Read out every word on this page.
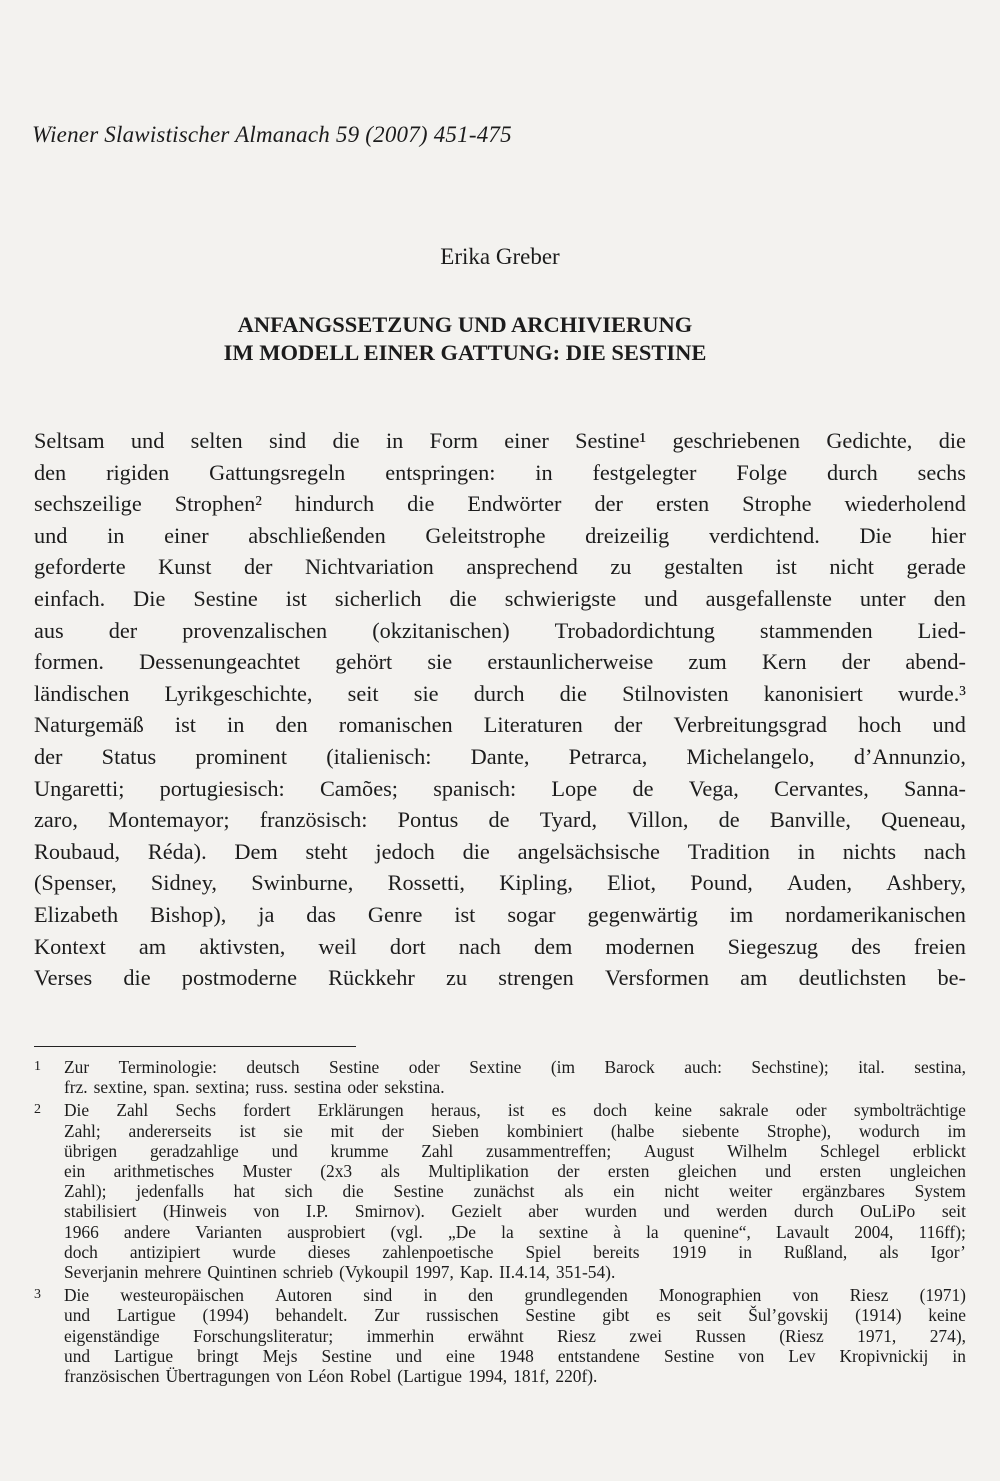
Wiener Slawistischer Almanach 59 (2007) 451-475
Erika Greber
ANFANGSSETZUNG UND ARCHIVIERUNG
IM MODELL EINER GATTUNG: DIE SESTINE
Seltsam und selten sind die in Form einer Sestine¹ geschriebenen Gedichte, die
den rigiden Gattungsregeln entspringen: in festgelegter Folge durch sechs
sechszeilige Strophen² hindurch die Endwörter der ersten Strophe wiederholend
und in einer abschließenden Geleitstrophe dreizeilig verdichtend. Die hier
geforderte Kunst der Nichtvariation ansprechend zu gestalten ist nicht gerade
einfach. Die Sestine ist sicherlich die schwierigste und ausgefallenste unter den
aus der provenzalischen (okzitanischen) Trobadordichtung stammenden Lied-
formen. Dessenungeachtet gehört sie erstaunlicherweise zum Kern der abend-
ländischen Lyrikgeschichte, seit sie durch die Stilnovisten kanonisiert wurde.³
Naturgemäß ist in den romanischen Literaturen der Verbreitungsgrad hoch und
der Status prominent (italienisch: Dante, Petrarca, Michelangelo, d’Annunzio,
Ungaretti; portugiesisch: Camões; spanisch: Lope de Vega, Cervantes, Sanna-
zaro, Montemayor; französisch: Pontus de Tyard, Villon, de Banville, Queneau,
Roubaud, Réda). Dem steht jedoch die angelsächsische Tradition in nichts nach
(Spenser, Sidney, Swinburne, Rossetti, Kipling, Eliot, Pound, Auden, Ashbery,
Elizabeth Bishop), ja das Genre ist sogar gegenwärtig im nordamerikanischen
Kontext am aktivsten, weil dort nach dem modernen Siegeszug des freien
Verses die postmoderne Rückkehr zu strengen Versformen am deutlichsten be-
1	Zur Terminologie: deutsch Sestine oder Sextine (im Barock auch: Sechstine); ital. sestina,
frz. sextine, span. sextina; russ. sestina oder sekstina.
2	Die Zahl Sechs fordert Erklärungen heraus, ist es doch keine sakrale oder symbolträchtige
Zahl; andererseits ist sie mit der Sieben kombiniert (halbe siebente Strophe), wodurch im
übrigen geradzahlige und krumme Zahl zusammentreffen; August Wilhelm Schlegel erblickt
ein arithmetisches Muster (2x3 als Multiplikation der ersten gleichen und ersten ungleichen
Zahl); jedenfalls hat sich die Sestine zunächst als ein nicht weiter ergänzbares System
stabilisiert (Hinweis von I.P. Smirnov). Gezielt aber wurden und werden durch OuLiPo seit
1966 andere Varianten ausprobiert (vgl. „De la sextine à la quenine“, Lavault 2004, 116ff);
doch antizipiert wurde dieses zahlenpoetische Spiel bereits 1919 in Rußland, als Igor’
Severjanin mehrere Quintinen schrieb (Vykoupil 1997, Kap. II.4.14, 351-54).
3	Die westeuropäischen Autoren sind in den grundlegenden Monographien von Riesz (1971)
und Lartigue (1994) behandelt. Zur russischen Sestine gibt es seit Šul’govskij (1914) keine
eigenständige Forschungsliteratur; immerhin erwähnt Riesz zwei Russen (Riesz 1971, 274),
und Lartigue bringt Mejs Sestine und eine 1948 entstandene Sestine von Lev Kropivnickij in
französischen Übertragungen von Léon Robel (Lartigue 1994, 181f, 220f).
